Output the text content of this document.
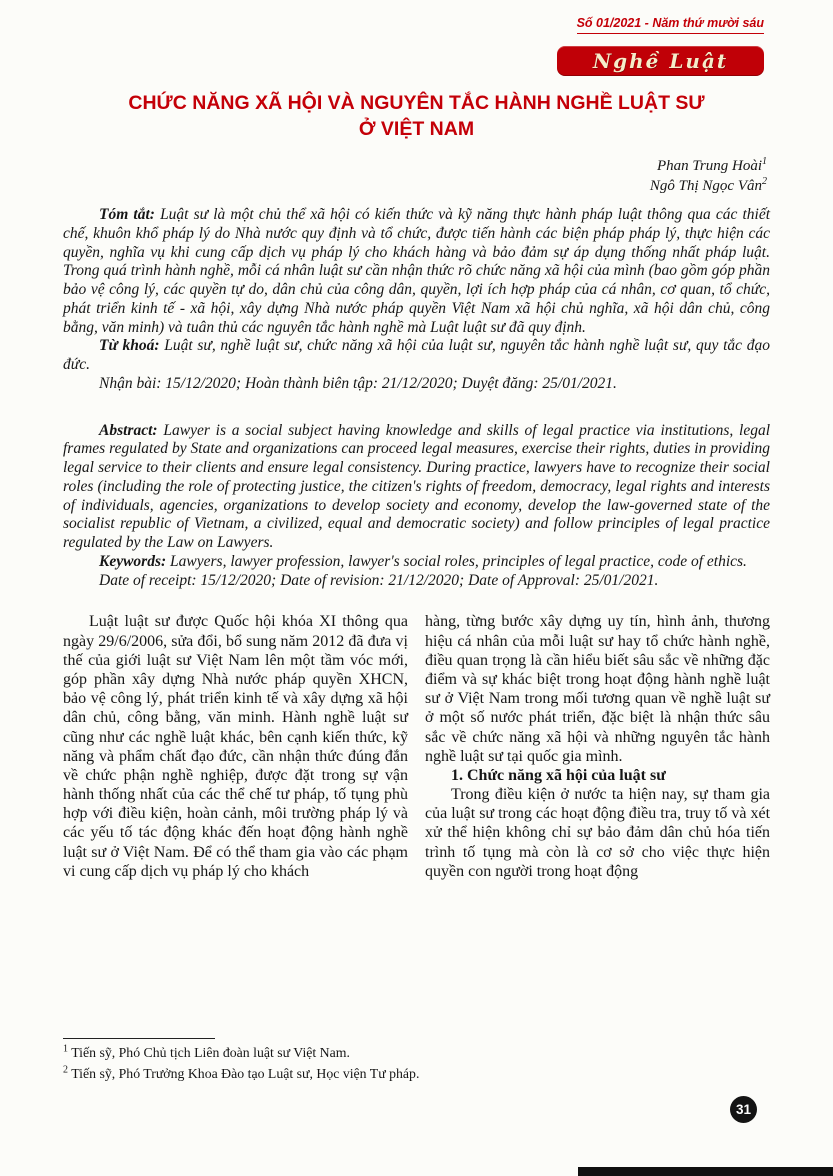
Số 01/2021 - Năm thứ mười sáu
Nghề Luật
CHỨC NĂNG XÃ HỘI VÀ NGUYÊN TẮC HÀNH NGHỀ LUẬT SƯ
Ở VIỆT NAM
Phan Trung Hoài$^1$
Ngô Thị Ngọc Vân$^2$

Tóm tắt: Luật sư là một chủ thể xã hội có kiến thức và kỹ năng thực hành pháp luật thông qua các thiết chế, khuôn khổ pháp lý do Nhà nước quy định và tổ chức, được tiến hành các biện pháp pháp lý, thực hiện các quyền, nghĩa vụ khi cung cấp dịch vụ pháp lý cho khách hàng và bảo đảm sự áp dụng thống nhất pháp luật. Trong quá trình hành nghề, mỗi cá nhân luật sư cần nhận thức rõ chức năng xã hội của mình (bao gồm góp phần bảo vệ công lý, các quyền tự do, dân chủ của công dân, quyền, lợi ích hợp pháp của cá nhân, cơ quan, tổ chức, phát triển kinh tế - xã hội, xây dựng Nhà nước pháp quyền Việt Nam xã hội chủ nghĩa, xã hội dân chủ, công bằng, văn minh) và tuân thủ các nguyên tắc hành nghề mà Luật luật sư đã quy định.

Từ khoá: Luật sư, nghề luật sư, chức năng xã hội của luật sư, nguyên tắc hành nghề luật sư, quy tắc đạo đức.

Nhận bài: 15/12/2020; Hoàn thành biên tập: 21/12/2020; Duyệt đăng: 25/01/2021.

Abstract: Lawyer is a social subject having knowledge and skills of legal practice via institutions, legal frames regulated by State and organizations can proceed legal measures, exercise their rights, duties in providing legal service to their clients and ensure legal consistency. During practice, lawyers have to recognize their social roles (including the role of protecting justice, the citizen's rights of freedom, democracy, legal rights and interests of individuals, agencies, organizations to develop society and economy, develop the law-governed state of the socialist republic of Vietnam, a civilized, equal and democratic society) and follow principles of legal practice regulated by the Law on Lawyers.

Keywords: Lawyers, lawyer profession, lawyer's social roles, principles of legal practice, code of ethics.

Date of receipt: 15/12/2020; Date of revision: 21/12/2020; Date of Approval: 25/01/2021.

Luật luật sư được Quốc hội khóa XI thông qua ngày 29/6/2006, sửa đổi, bổ sung năm 2012 đã đưa vị thế của giới luật sư Việt Nam lên một tầm vóc mới, góp phần xây dựng Nhà nước pháp quyền XHCN, bảo vệ công lý, phát triển kinh tế và xây dựng xã hội dân chủ, công bằng, văn minh. Hành nghề luật sư cũng như các nghề luật khác, bên cạnh kiến thức, kỹ năng và phẩm chất đạo đức, cần nhận thức đúng đắn về chức phận nghề nghiệp, được đặt trong sự vận hành thống nhất của các thể chế tư pháp, tố tụng phù hợp với điều kiện, hoàn cảnh, môi trường pháp lý và các yếu tố tác động khác đến hoạt động hành nghề luật sư ở Việt Nam. Để có thể tham gia vào các phạm vi cung cấp dịch vụ pháp lý cho khách

hàng, từng bước xây dựng uy tín, hình ảnh, thương hiệu cá nhân của mỗi luật sư hay tổ chức hành nghề, điều quan trọng là cần hiểu biết sâu sắc về những đặc điểm và sự khác biệt trong hoạt động hành nghề luật sư ở Việt Nam trong mối tương quan về nghề luật sư ở một số nước phát triển, đặc biệt là nhận thức sâu sắc về chức năng xã hội và những nguyên tắc hành nghề luật sư tại quốc gia mình.

1. Chức năng xã hội của luật sư

Trong điều kiện ở nước ta hiện nay, sự tham gia của luật sư trong các hoạt động điều tra, truy tố và xét xử thể hiện không chỉ sự bảo đảm dân chủ hóa tiến trình tố tụng mà còn là cơ sở cho việc thực hiện quyền con người trong hoạt động

$^1$ Tiến sỹ, Phó Chủ tịch Liên đoàn luật sư Việt Nam.

$^2$ Tiến sỹ, Phó Trưởng Khoa Đào tạo Luật sư, Học viện Tư pháp.

31
